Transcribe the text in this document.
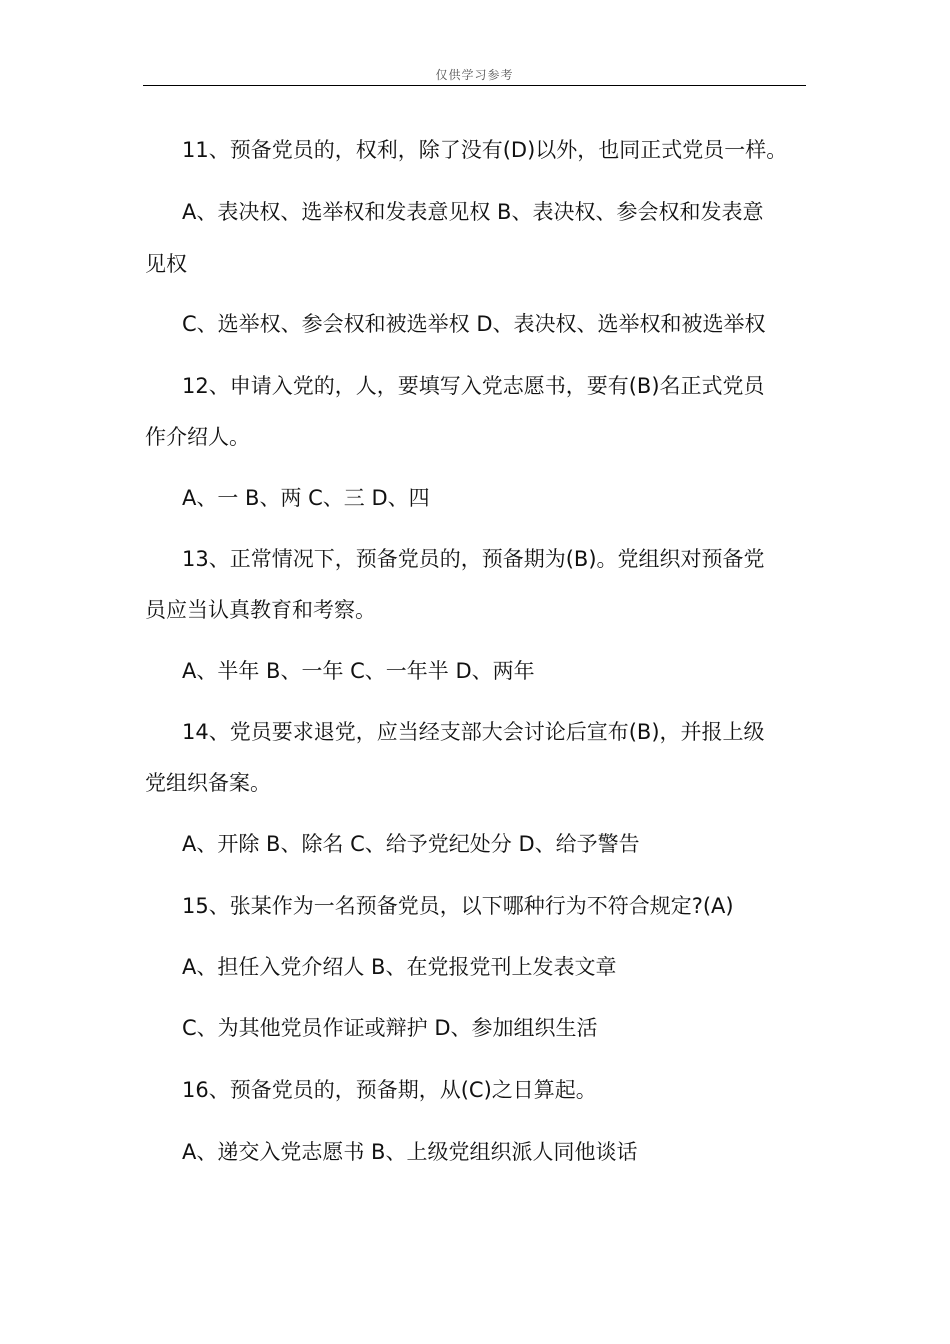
仅供学习参考
11、预备党员的，权利，除了没有(D)以外，也同正式党员一样。
A、表决权、选举权和发表意见权 B、表决权、参会权和发表意
见权
C、选举权、参会权和被选举权 D、表决权、选举权和被选举权
12、申请入党的，人，要填写入党志愿书，要有(B)名正式党员
作介绍人。
A、一 B、两 C、三 D、四
13、正常情况下，预备党员的，预备期为(B)。党组织对预备党
员应当认真教育和考察。
A、半年 B、一年 C、一年半 D、两年
14、党员要求退党，应当经支部大会讨论后宣布(B)，并报上级
党组织备案。
A、开除 B、除名 C、给予党纪处分 D、给予警告
15、张某作为一名预备党员，以下哪种行为不符合规定?(A)
A、担任入党介绍人 B、在党报党刊上发表文章
C、为其他党员作证或辩护 D、参加组织生活
16、预备党员的，预备期，从(C)之日算起。
A、递交入党志愿书 B、上级党组织派人同他谈话
